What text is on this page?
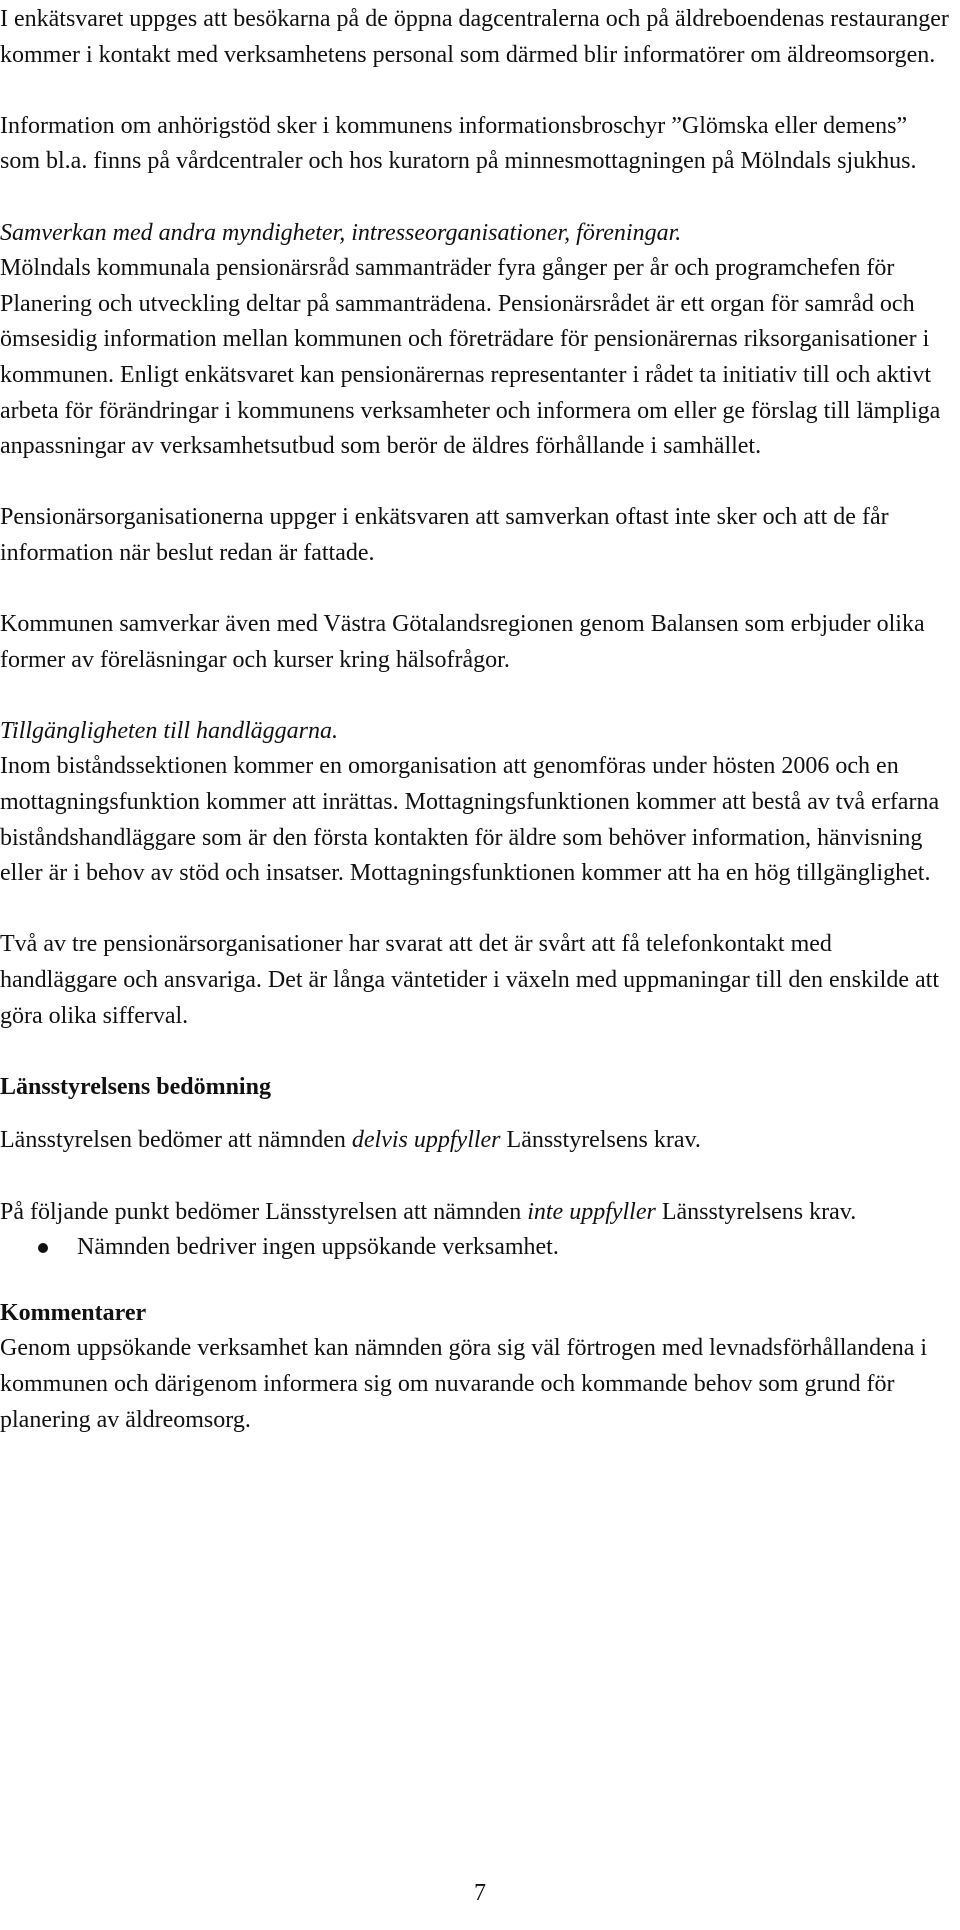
I enkätsvaret uppges att besökarna på de öppna dagcentralerna och på äldreboendenas restauranger kommer i kontakt med verksamhetens personal som därmed blir informatörer om äldreomsorgen.

Information om anhörigstöd sker i kommunens informationsbroschyr ”Glömska eller demens” som bl.a. finns på vårdcentraler och hos kuratorn på minnesmottagningen på Mölndals sjukhus.

Samverkan med andra myndigheter, intresseorganisationer, föreningar.

Mölndals kommunala pensionärsråd sammanträder fyra gånger per år och programchefen för Planering och utveckling deltar på sammanträdena. Pensionärsrådet är ett organ för samråd och ömsesidig information mellan kommunen och företrädare för pensionärernas riksorganisationer i kommunen. Enligt enkätsvaret kan pensionärernas representanter i rådet ta initiativ till och aktivt arbeta för förändringar i kommunens verksamheter och informera om eller ge förslag till lämpliga anpassningar av verksamhetsutbud som berör de äldres förhållande i samhället.

Pensionärsorganisationerna uppger i enkätsvaren att samverkan oftast inte sker och att de får information när beslut redan är fattade.

Kommunen samverkar även med Västra Götalandsregionen genom Balansen som erbjuder olika former av föreläsningar och kurser kring hälsofrågor.

Tillgängligheten till handläggarna.

Inom biståndssektionen kommer en omorganisation att genomföras under hösten 2006 och en mottagningsfunktion kommer att inrättas. Mottagningsfunktionen kommer att bestå av två erfarna biståndshandläggare som är den första kontakten för äldre som behöver information, hänvisning eller är i behov av stöd och insatser. Mottagningsfunktionen kommer att ha en hög tillgänglighet.

Två av tre pensionärsorganisationer har svarat att det är svårt att få telefonkontakt med handläggare och ansvariga. Det är långa väntetider i växeln med uppmaningar till den enskilde att göra olika sifferval.

Länsstyrelsens bedömning

Länsstyrelsen bedömer att nämnden delvis uppfyller Länsstyrelsens krav.

På följande punkt bedömer Länsstyrelsen att nämnden inte uppfyller Länsstyrelsens krav.

Nämnden bedriver ingen uppsökande verksamhet.

Kommentarer

Genom uppsökande verksamhet kan nämnden göra sig väl förtrogen med levnadsförhållandena i kommunen och därigenom informera sig om nuvarande och kommande behov som grund för planering av äldreomsorg.

7
